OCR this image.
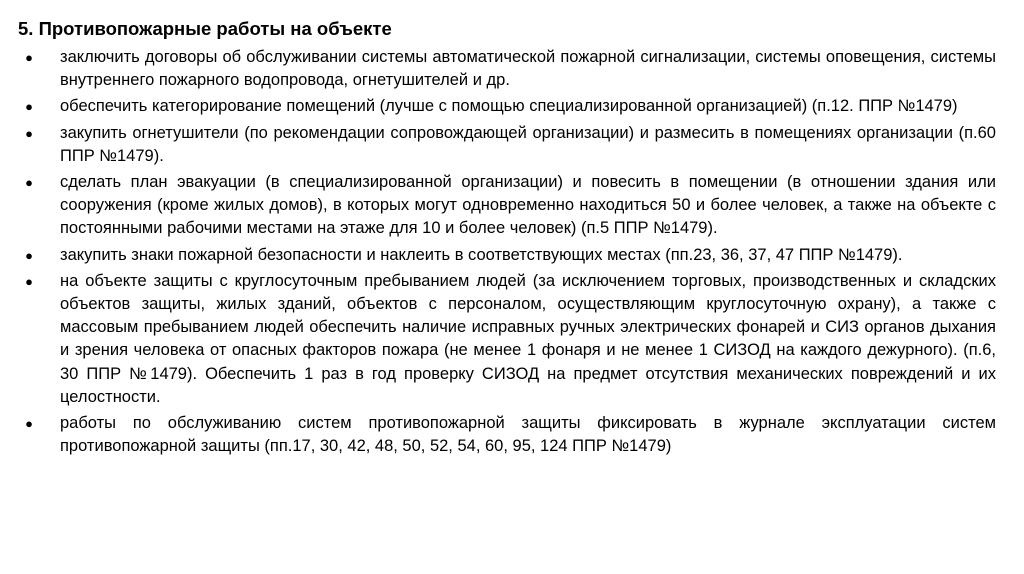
5. Противопожарные работы на объекте
● заключить договоры об обслуживании системы автоматической пожарной сигнализации, системы оповещения, системы внутреннего пожарного водопровода, огнетушителей и др.
● обеспечить категорирование помещений (лучше с помощью специализированной организацией) (п.12. ППР №1479)
● закупить огнетушители (по рекомендации сопровождающей организации) и размесить в помещениях организации (п.60 ППР №1479).
● сделать план эвакуации (в специализированной организации) и повесить в помещении (в отношении здания или сооружения (кроме жилых домов), в которых могут одновременно находиться 50 и более человек, а также на объекте с постоянными рабочими местами на этаже для 10 и более человек) (п.5 ППР №1479).
● закупить знаки пожарной безопасности и наклеить в соответствующих местах (пп.23, 36, 37, 47 ППР №1479).
● на объекте защиты с круглосуточным пребыванием людей (за исключением торговых, производственных и складских объектов защиты, жилых зданий, объектов с персоналом, осуществляющим круглосуточную охрану), а также с массовым пребыванием людей обеспечить наличие исправных ручных электрических фонарей и СИЗ органов дыхания и зрения человека от опасных факторов пожара (не менее 1 фонаря и не менее 1 СИЗОД на каждого дежурного). (п.6, 30 ППР №1479). Обеспечить 1 раз в год проверку СИЗОД на предмет отсутствия механических повреждений и их целостности.
● работы по обслуживанию систем противопожарной защиты фиксировать в журнале эксплуатации систем противопожарной защиты (пп.17, 30, 42, 48, 50, 52, 54, 60, 95, 124 ППР №1479)
